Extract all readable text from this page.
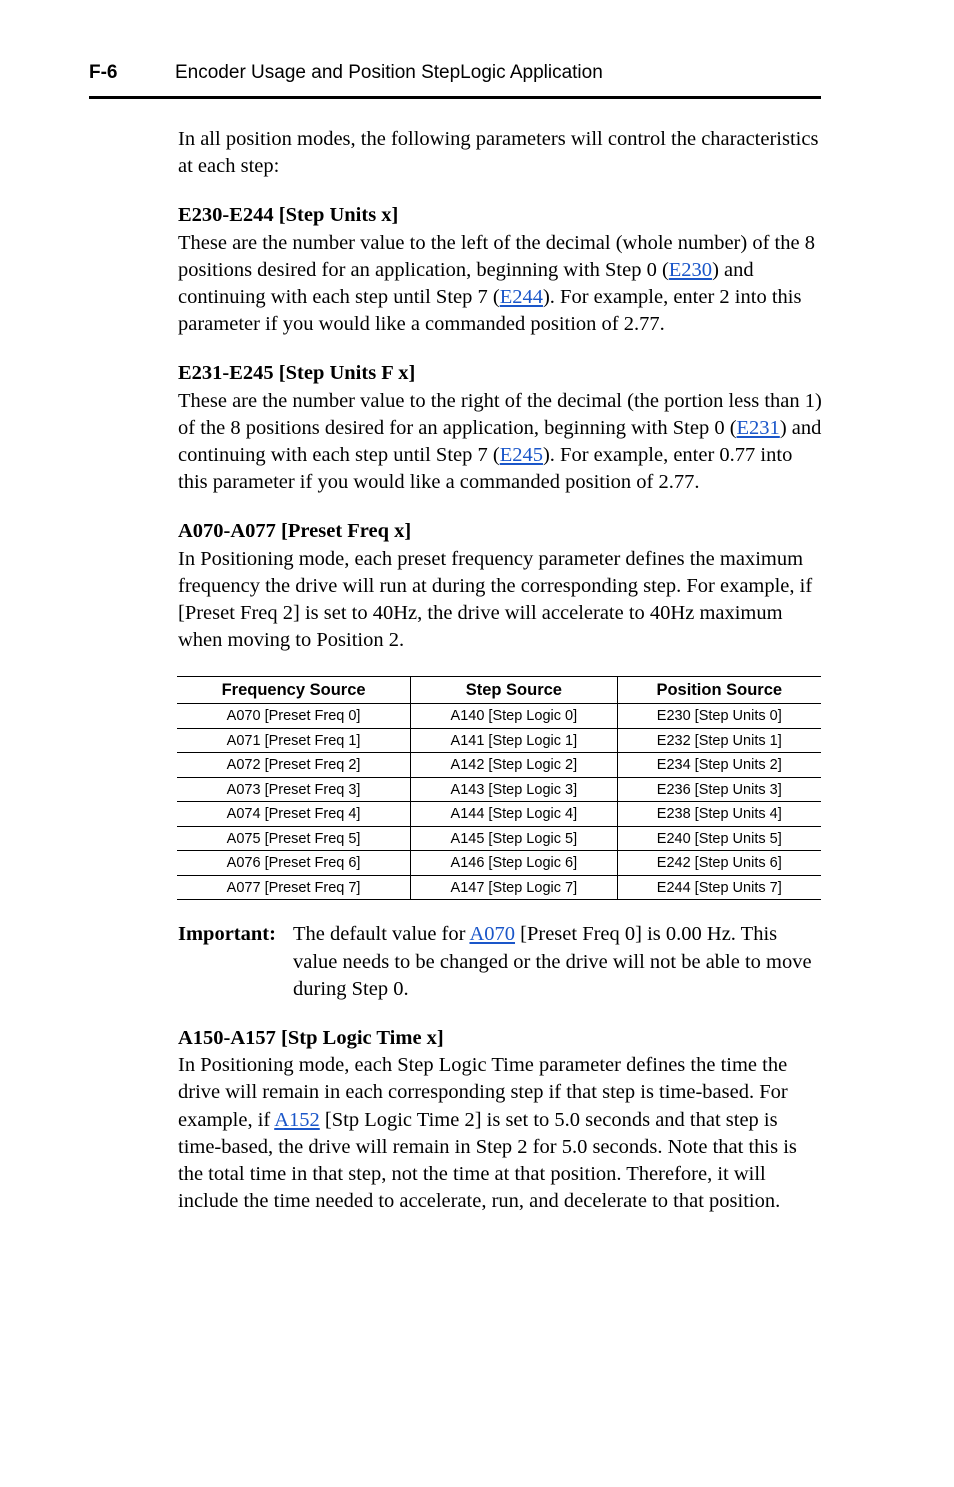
F-6	Encoder Usage and Position StepLogic Application

In all position modes, the following parameters will control the characteristics at each step:

E230-E244 [Step Units x]

These are the number value to the left of the decimal (whole number) of the 8 positions desired for an application, beginning with Step 0 (E230) and continuing with each step until Step 7 (E244). For example, enter 2 into this parameter if you would like a commanded position of 2.77.

E231-E245 [Step Units F x]

These are the number value to the right of the decimal (the portion less than 1) of the 8 positions desired for an application, beginning with Step 0 (E231) and continuing with each step until Step 7 (E245). For example, enter 0.77 into this parameter if you would like a commanded position of 2.77.

A070-A077 [Preset Freq x]

In Positioning mode, each preset frequency parameter defines the maximum frequency the drive will run at during the corresponding step. For example, if [Preset Freq 2] is set to 40Hz, the drive will accelerate to 40Hz maximum when moving to Position 2.

Frequency Source	Step Source	Position Source
A070 [Preset Freq 0]	A140 [Step Logic 0]	E230 [Step Units 0]
A071 [Preset Freq 1]	A141 [Step Logic 1]	E232 [Step Units 1]
A072 [Preset Freq 2]	A142 [Step Logic 2]	E234 [Step Units 2]
A073 [Preset Freq 3]	A143 [Step Logic 3]	E236 [Step Units 3]
A074 [Preset Freq 4]	A144 [Step Logic 4]	E238 [Step Units 4]
A075 [Preset Freq 5]	A145 [Step Logic 5]	E240 [Step Units 5]
A076 [Preset Freq 6]	A146 [Step Logic 6]	E242 [Step Units 6]
A077 [Preset Freq 7]	A147 [Step Logic 7]	E244 [Step Units 7]
Important: The default value for A070 [Preset Freq 0] is 0.00 Hz. This value needs to be changed or the drive will not be able to move during Step 0.

A150-A157 [Stp Logic Time x]

In Positioning mode, each Step Logic Time parameter defines the time the drive will remain in each corresponding step if that step is time-based. For example, if A152 [Stp Logic Time 2] is set to 5.0 seconds and that step is time-based, the drive will remain in Step 2 for 5.0 seconds. Note that this is the total time in that step, not the time at that position. Therefore, it will include the time needed to accelerate, run, and decelerate to that position.
